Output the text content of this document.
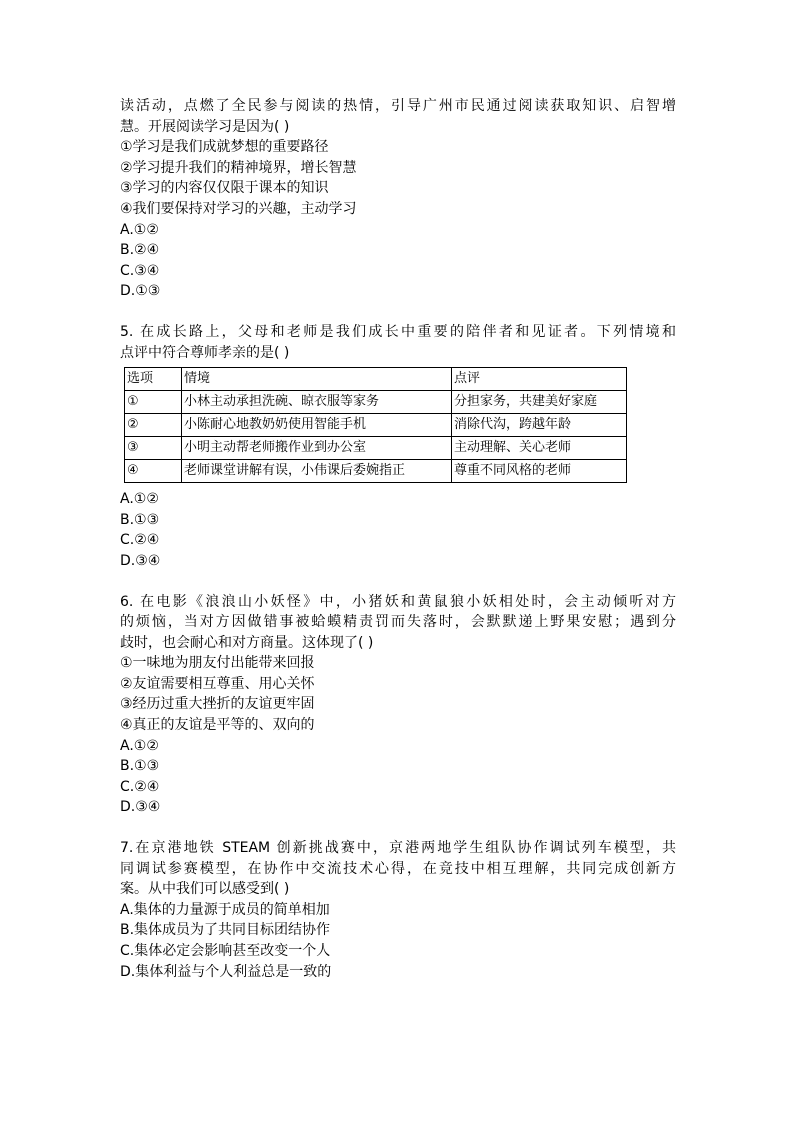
读活动，点燃了全民参与阅读的热情，引导广州市民通过阅读获取知识、启智增
慧。开展阅读学习是因为( )
①学习是我们成就梦想的重要路径
②学习提升我们的精神境界，增长智慧
③学习的内容仅仅限于课本的知识
④我们要保持对学习的兴趣，主动学习
A.①②
B.②④
C.③④
D.①③
5. 在成长路上，父母和老师是我们成长中重要的陪伴者和见证者。下列情境和
点评中符合尊师孝亲的是( )
选项	情境	点评
①	小林主动承担洗碗、晾衣服等家务	分担家务，共建美好家庭
②	小陈耐心地教奶奶使用智能手机	消除代沟，跨越年龄
③	小明主动帮老师搬作业到办公室	主动理解、关心老师
④	老师课堂讲解有误，小伟课后委婉指正	尊重不同风格的老师
A.①②
B.①③
C.②④
D.③④
6. 在电影《浪浪山小妖怪》中，小猪妖和黄鼠狼小妖相处时，会主动倾听对方
的烦恼，当对方因做错事被蛤蟆精责罚而失落时，会默默递上野果安慰；遇到分
歧时，也会耐心和对方商量。这体现了( )
①一味地为朋友付出能带来回报
②友谊需要相互尊重、用心关怀
③经历过重大挫折的友谊更牢固
④真正的友谊是平等的、双向的
A.①②
B.①③
C.②④
D.③④
7.在京港地铁 STEAM 创新挑战赛中，京港两地学生组队协作调试列车模型，共
同调试参赛模型，在协作中交流技术心得，在竞技中相互理解，共同完成创新方
案。从中我们可以感受到( )
A.集体的力量源于成员的简单相加
B.集体成员为了共同目标团结协作
C.集体必定会影响甚至改变一个人
D.集体利益与个人利益总是一致的
